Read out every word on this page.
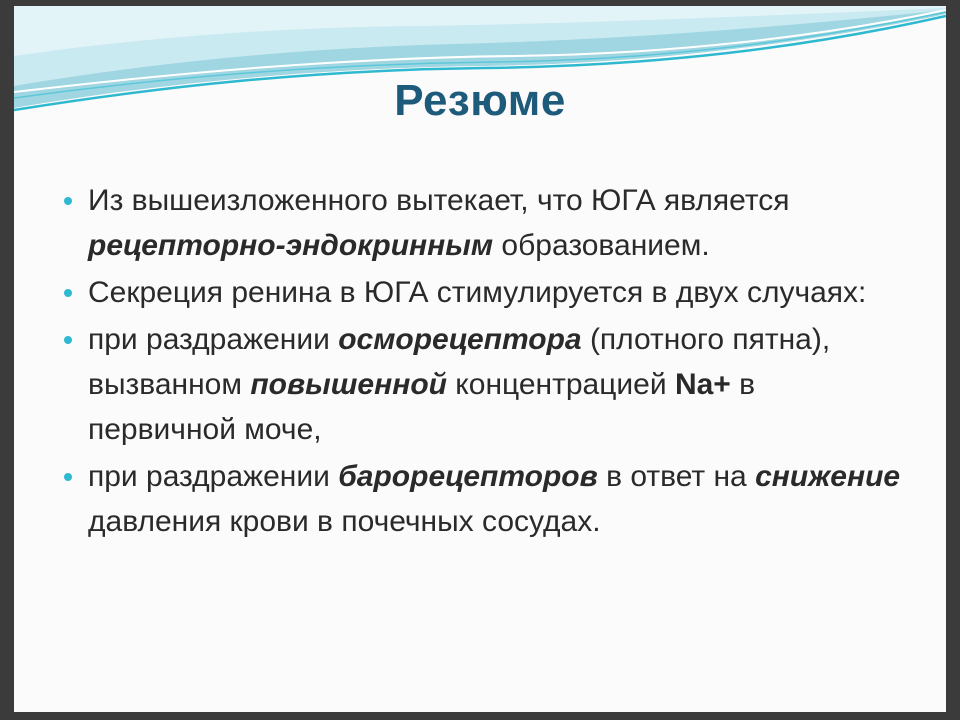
Резюме
Из вышеизложенного вытекает, что ЮГА является рецепторно-эндокринным образованием.
Секреция ренина в ЮГА стимулируется в двух случаях:
при раздражении осморецептора (плотного пятна), вызванном повышенной концентрацией Na+ в первичной моче,
при раздражении барорецепторов в ответ на снижение давления крови в почечных сосудах.
